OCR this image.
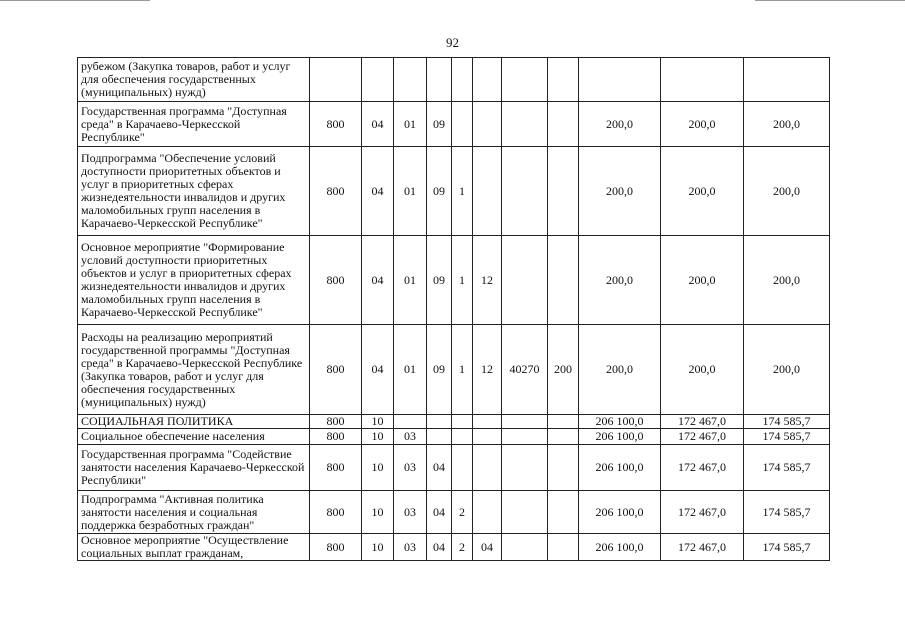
92
рубежом (Закупка товаров, работ и услуг для обеспечения государственных (муниципальных) нужд)											
Государственная программа "Доступная среда" в Карачаево-Черкесской Республике"	800	04	01	09					200,0	200,0	200,0
Подпрограмма "Обеспечение условий доступности приоритетных объектов и услуг в приоритетных сферах жизнедеятельности инвалидов и других маломобильных групп населения в Карачаево-Черкесской Республике"	800	04	01	09	1				200,0	200,0	200,0
Основное мероприятие "Формирование условий доступности приоритетных объектов и услуг в приоритетных сферах жизнедеятельности инвалидов и других маломобильных групп населения в Карачаево-Черкесской Республике"	800	04	01	09	1	12			200,0	200,0	200,0
Расходы на реализацию мероприятий государственной программы "Доступная среда" в Карачаево-Черкесской Республике (Закупка товаров, работ и услуг для обеспечения государственных (муниципальных) нужд)	800	04	01	09	1	12	40270	200	200,0	200,0	200,0
СОЦИАЛЬНАЯ ПОЛИТИКА	800	10							206 100,0	172 467,0	174 585,7
Социальное обеспечение населения	800	10	03						206 100,0	172 467,0	174 585,7
Государственная программа "Содействие занятости населения Карачаево-Черкесской Республики"	800	10	03	04					206 100,0	172 467,0	174 585,7
Подпрограмма "Активная политика занятости населения и социальная поддержка безработных граждан"	800	10	03	04	2				206 100,0	172 467,0	174 585,7
Основное мероприятие "Осуществление социальных выплат гражданам,	800	10	03	04	2	04			206 100,0	172 467,0	174 585,7
